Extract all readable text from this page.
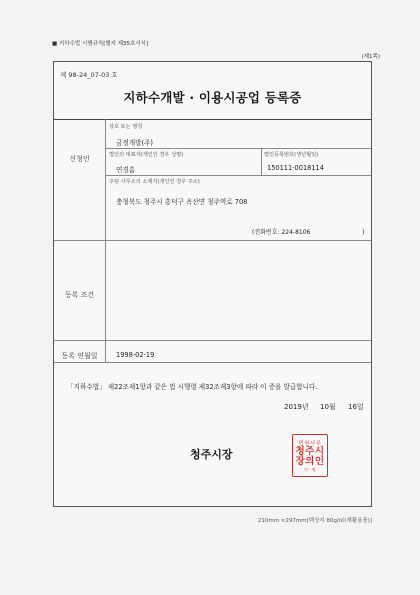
■ 지하수법 시행규칙[별지 제35호서식]
(제1쪽)
제 98-24_07-03 호
지하수개발 · 이용시공업 등록증
신청인
상호 또는 명칭
금정개발(주)
법인의 대표자(개인인 경우 성명)
연경흠
법인등록번호(생년월일)
150111-0018114
주된 사무소의 소재지(개인인 경우 주소)
충청북도 청주시 흥덕구 옥산면 청주역로 708
(전화번호: 224-8106	)
등록 조건
등록 연월일	1998-02-19
「지하수법」 제22조제1항과 같은 법 시행령 제32조제3항에 따라 이 증을 발급합니다.
2019년 10월 16일
청주시장
민원사무
청주시
장의인
인 · 영
210mm ×297mm[백상지 80g/㎡(재활용품)]
